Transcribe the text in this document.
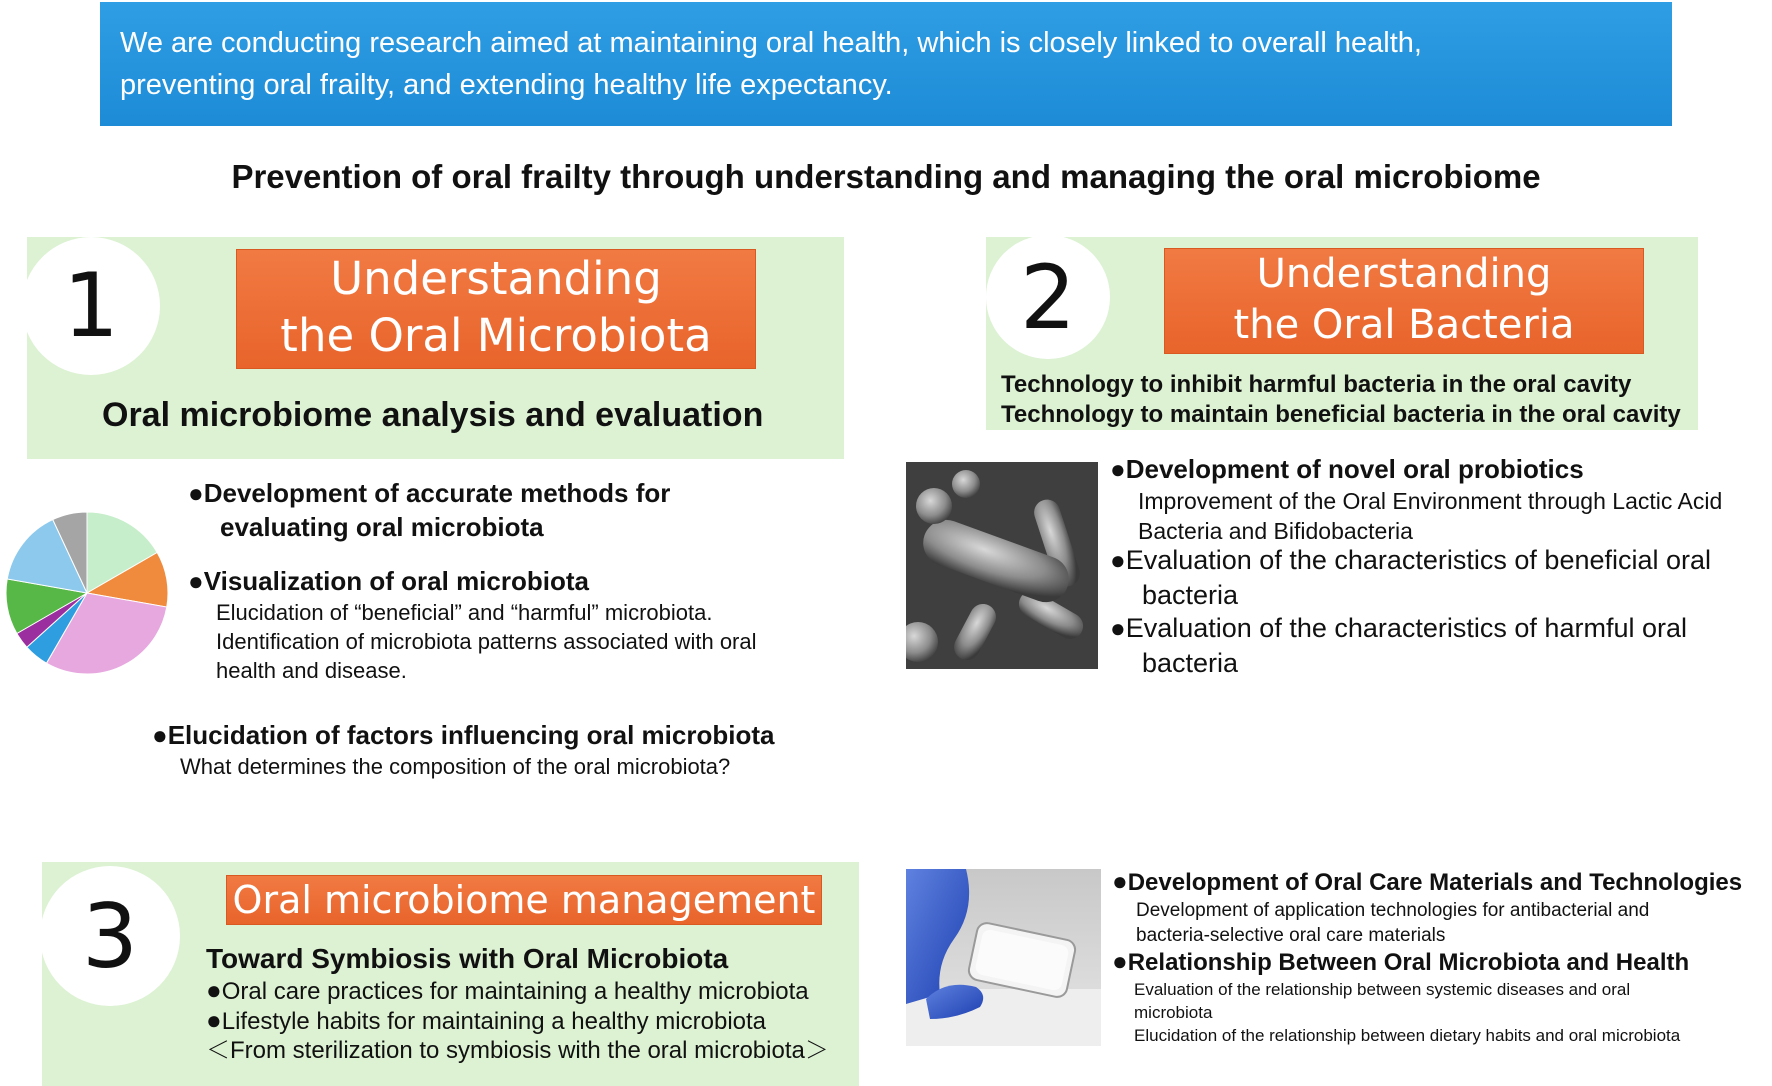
We are conducting research aimed at maintaining oral health, which is closely linked to overall health,
preventing oral frailty, and extending healthy life expectancy.
Prevention of oral frailty through understanding and managing the oral microbiome
1	Understanding
the Oral Microbiota
Oral microbiome analysis and evaluation
●Development of accurate methods for
evaluating oral microbiota
●Visualization of oral microbiota
Elucidation of “beneficial” and “harmful” microbiota.
Identification of microbiota patterns associated with oral
health and disease.
●Elucidation of factors influencing oral microbiota
What determines the composition of the oral microbiota?
2	Understanding
the Oral Bacteria
Technology to inhibit harmful bacteria in the oral cavity
Technology to maintain beneficial bacteria in the oral cavity
●Development of novel oral probiotics
Improvement of the Oral Environment through Lactic Acid
Bacteria and Bifidobacteria
●Evaluation of the characteristics of beneficial oral
bacteria
●Evaluation of the characteristics of harmful oral
bacteria
3	Oral microbiome management
Toward Symbiosis with Oral Microbiota
●Oral care practices for maintaining a healthy microbiota
●Lifestyle habits for maintaining a healthy microbiota
＜From sterilization to symbiosis with the oral microbiota＞
●Development of Oral Care Materials and Technologies
Development of application technologies for antibacterial and
bacteria-selective oral care materials
●Relationship Between Oral Microbiota and Health
Evaluation of the relationship between systemic diseases and oral
microbiota
Elucidation of the relationship between dietary habits and oral microbiota
